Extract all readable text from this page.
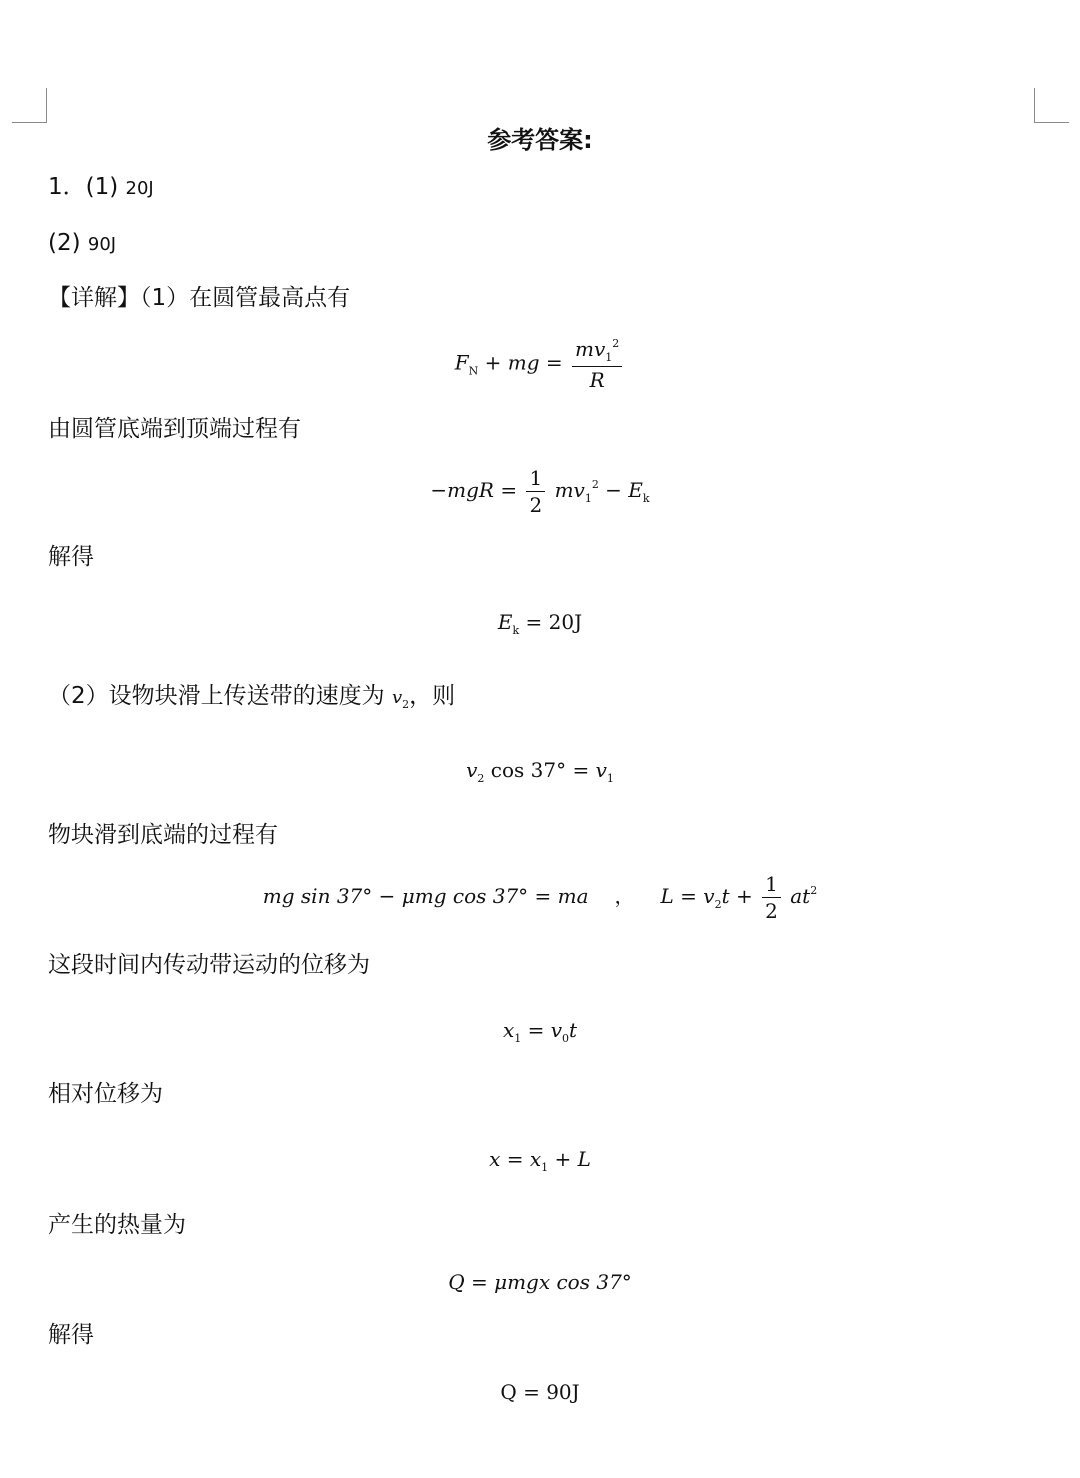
参考答案:
1．(1) 20J
(2) 90J
【详解】（1）在圆管最高点有
$F_N$ + mg = $\frac{mv_1^2}{R}$
由圆管底端到顶端过程有
$-mgR = \frac{1}{2} mv_1^2 - E_k$
解得
$E_k = 20J$
（2）设物块滑上传送带的速度为 $v_2$，则
$v_2$ $\cos 37^\circ = v_1$
物块滑到底端的过程有
mg sin 37° − μmg cos 37° = ma ， $L = v_2t + \frac{1}{2} at^2$
这段时间内传动带运动的位移为
$x_1 = v_0t$
相对位移为
$x = x_1 + L$
产生的热量为
Q = μmgx cos 37°
解得
Q = 90J
